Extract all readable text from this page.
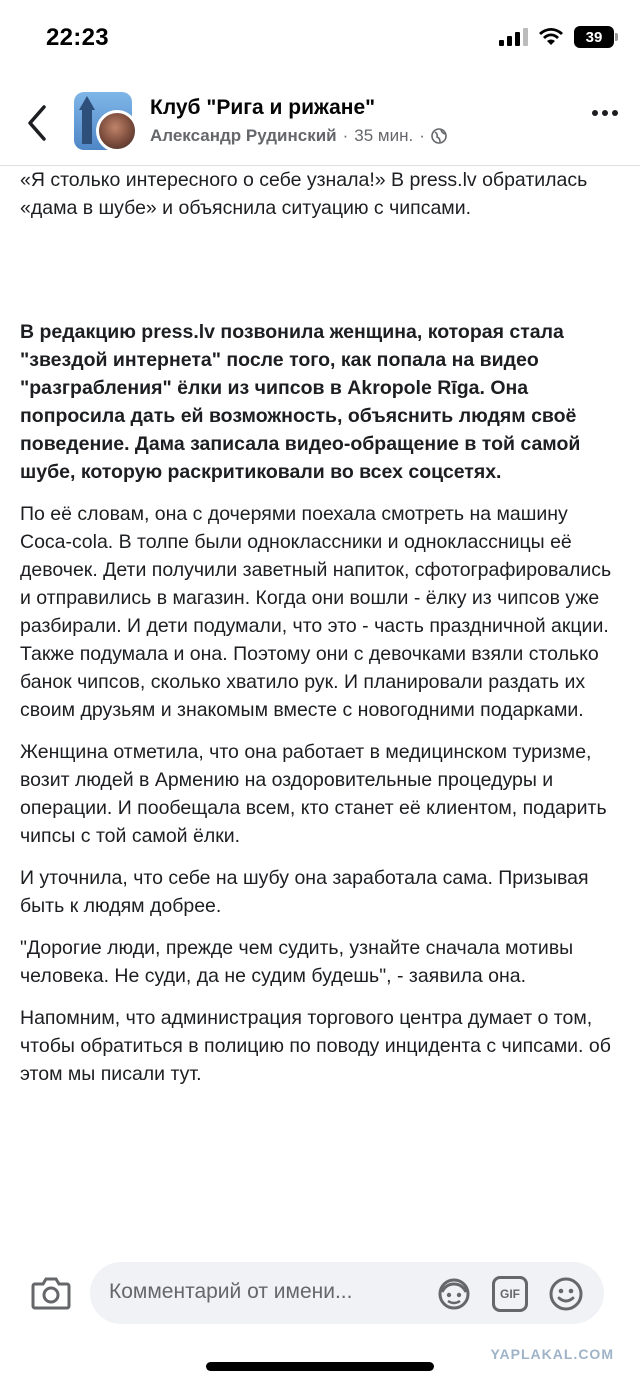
22:23	39
Клуб "Рига и рижане"
Александр Рудинский · 35 мин. ·

«Я столько интересного о себе узнала!» В press.lv обратилась «дама в шубе» и объяснила ситуацию с чипсами.

В редакцию press.lv позвонила женщина, которая стала "звездой интернета" после того, как попала на видео "разграбления" ёлки из чипсов в Akropole Rīga. Она попросила дать ей возможность, объяснить людям своё поведение. Дама записала видео-обращение в той самой шубе, которую раскритиковали во всех соцсетях.

По её словам, она с дочерями поехала смотреть на машину Coca-cola. В толпе были одноклассники и одноклассницы её девочек. Дети получили заветный напиток, сфотографировались и отправились в магазин. Когда они вошли - ёлку из чипсов уже разбирали. И дети подумали, что это - часть праздничной акции. Также подумала и она. Поэтому они с девочками взяли столько банок чипсов, сколько хватило рук. И планировали раздать их своим друзьям и знакомым вместе с новогодними подарками.

Женщина отметила, что она работает в медицинском туризме, возит людей в Армению на оздоровительные процедуры и операции. И пообещала всем, кто станет её клиентом, подарить чипсы с той самой ёлки.

И уточнила, что себе на шубу она заработала сама. Призывая быть к людям добрее.

"Дорогие люди, прежде чем судить, узнайте сначала мотивы человека. Не суди, да не судим будешь", - заявила она.

Напомним, что администрация торгового центра думает о том, чтобы обратиться в полицию по поводу инцидента с чипсами. об этом мы писали тут.

Комментарий от имени...	GIF
YAPLAKAL.COM
